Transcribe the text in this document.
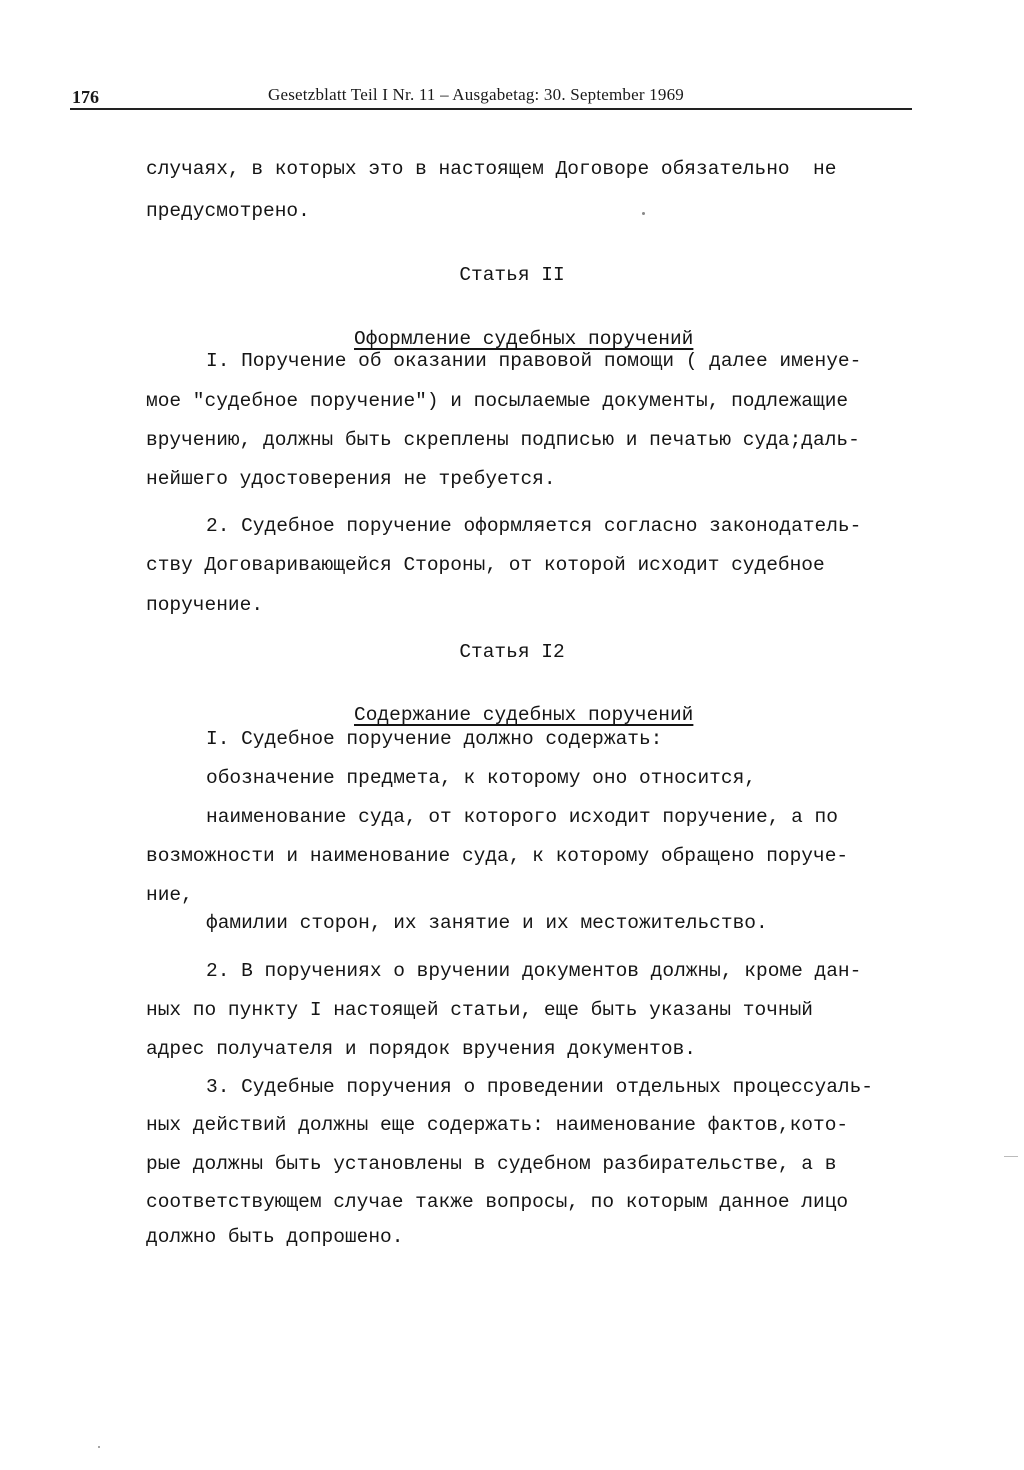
176	Gesetzblatt Teil I Nr. 11 – Ausgabetag: 30. September 1969
случаях, в которых это в настоящем Договоре обязательно  не
предусмотрено.
Статья II

Оформление судебных поручений

I. Поручение об оказании правовой помощи ( далее именуе-
мое "судебное поручение") и посылаемые документы, подлежащие
вручению, должны быть скреплены подписью и печатью суда;даль-
нейшего удостоверения не требуется.
2. Судебное поручение оформляется согласно законодатель-
ству Договаривающейся Стороны, от которой исходит судебное
поручение.
Статья I2

Содержание судебных поручений

I. Судебное поручение должно содержать:
обозначение предмета, к которому оно относится,
наименование суда, от которого исходит поручение, а по
возможности и наименование суда, к которому обращено поруче-
ние,
фамилии сторон, их занятие и их местожительство.
2. В поручениях о вручении документов должны, кроме дан-
ных по пункту I настоящей статьи, еще быть указаны точный
адрес получателя и порядок вручения документов.
3. Судебные поручения о проведении отдельных процессуаль-
ных действий должны еще содержать: наименование фактов,кото-
рые должны быть установлены в судебном разбирательстве, а в
соответствующем случае также вопросы, по которым данное лицо
должно быть допрошено.
